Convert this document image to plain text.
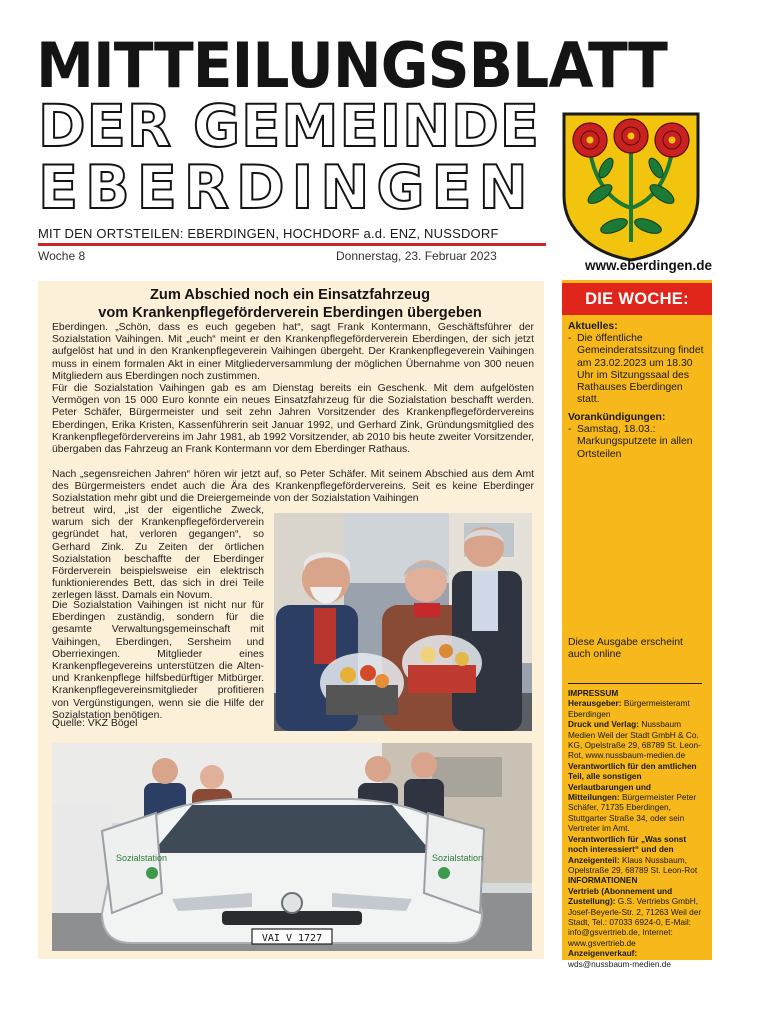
MITTEILUNGSBLATT
DER GEMEINDE
EBERDINGEN
MIT DEN ORTSTEILEN: EBERDINGEN, HOCHDORF a.d. ENZ, NUSSDORF
Woche 8	Donnerstag, 23. Februar 2023
www.eberdingen.de
Zum Abschied noch ein Einsatzfahrzeug
vom Krankenpflegeförderverein Eberdingen übergeben

Eberdingen. „Schön, dass es euch gegeben hat“, sagt Frank Kontermann, Geschäftsführer der Sozialstation Vaihingen. Mit „euch“ meint er den Krankenpflegeförderverein Eberdingen, der sich jetzt aufgelöst hat und in den Krankenpflegeverein Vaihingen übergeht. Der Krankenpflegeverein Vaihingen muss in einem formalen Akt in einer Mitgliederversammlung der möglichen Übernahme von 300 neuen Mitgliedern aus Eberdingen noch zustimmen.

Für die Sozialstation Vaihingen gab es am Dienstag bereits ein Geschenk. Mit dem aufgelösten Vermögen von 15 000 Euro konnte ein neues Einsatzfahrzeug für die Sozialstation beschafft werden. Peter Schäfer, Bürgermeister und seit zehn Jahren Vorsitzender des Krankenpflegefördervereins Eberdingen, Erika Kristen, Kassenführerin seit Januar 1992, und Gerhard Zink, Gründungsmitglied des Krankenpflegefördervereins im Jahr 1981, ab 1992 Vorsitzender, ab 2010 bis heute zweiter Vorsitzender, übergaben das Fahrzeug an Frank Kontermann vor dem Eberdinger Rathaus.

Nach „segensreichen Jahren“ hören wir jetzt auf, so Peter Schäfer. Mit seinem Abschied aus dem Amt des Bürgermeisters endet auch die Ära des Krankenpflegefördervereins. Seit es keine Eberdinger Sozialstation mehr gibt und die Dreiergemeinde von der Sozialstation Vaihingen

betreut wird, „ist der eigentliche Zweck, warum sich der Krankenpflegeförderverein gegründet hat, verloren gegangen“, so Gerhard Zink. Zu Zeiten der örtlichen Sozialstation beschaffte der Eberdinger Förderverein beispielsweise ein elektrisch funktionierendes Bett, das sich in drei Teile zerlegen lässt. Damals ein Novum.

Die Sozialstation Vaihingen ist nicht nur für Eberdingen zuständig, sondern für die gesamte Verwaltungsgemeinschaft mit Vaihingen, Eberdingen, Sersheim und Oberriexingen. Mitglieder eines Krankenpflegevereins unterstützen die Alten- und Krankenpflege hilfsbedürftiger Mitbürger. Krankenpflegevereinsmitglieder profitieren von Vergünstigungen, wenn sie die Hilfe der Sozialstation benötigen.

Quelle: VKZ Bögel
Sozialstation	Sozialstation
VAI V 1727
DIE WOCHE:
Aktuelles:
- Die öffentliche Gemeinderatssitzung findet am 23.02.2023 um 18.30 Uhr im Sitzungssaal des Rathauses Eberdingen statt.
Vorankündigungen:
- Samstag, 18.03.: Markungsputzete in allen Ortsteilen
Diese Ausgabe erscheint auch online
IMPRESSUM
Herausgeber: Bürgermeisteramt Eberdingen
Druck und Verlag: Nussbaum Medien Weil der Stadt GmbH & Co. KG, Opelstraße 29, 68789 St. Leon-Rot, www.nussbaum-medien.de
Verantwortlich für den amtlichen Teil, alle sonstigen Verlautbarungen und Mitteilungen: Bürgermeister Peter Schäfer, 71735 Eberdingen, Stuttgarter Straße 34, oder sein Vertreter im Amt.
Verantwortlich für „Was sonst noch interessiert“ und den Anzeigenteil: Klaus Nussbaum, Opelstraße 29, 68789 St. Leon-Rot
INFORMATIONEN
Vertrieb (Abonnement und Zustellung): G.S. Vertriebs GmbH, Josef-Beyerle-Str. 2, 71263 Weil der Stadt, Tel.: 07033 6924-0, E-Mail: info@gsvertrieb.de, Internet: www.gsvertrieb.de
Anzeigenverkauf:
wds@nussbaum-medien.de
